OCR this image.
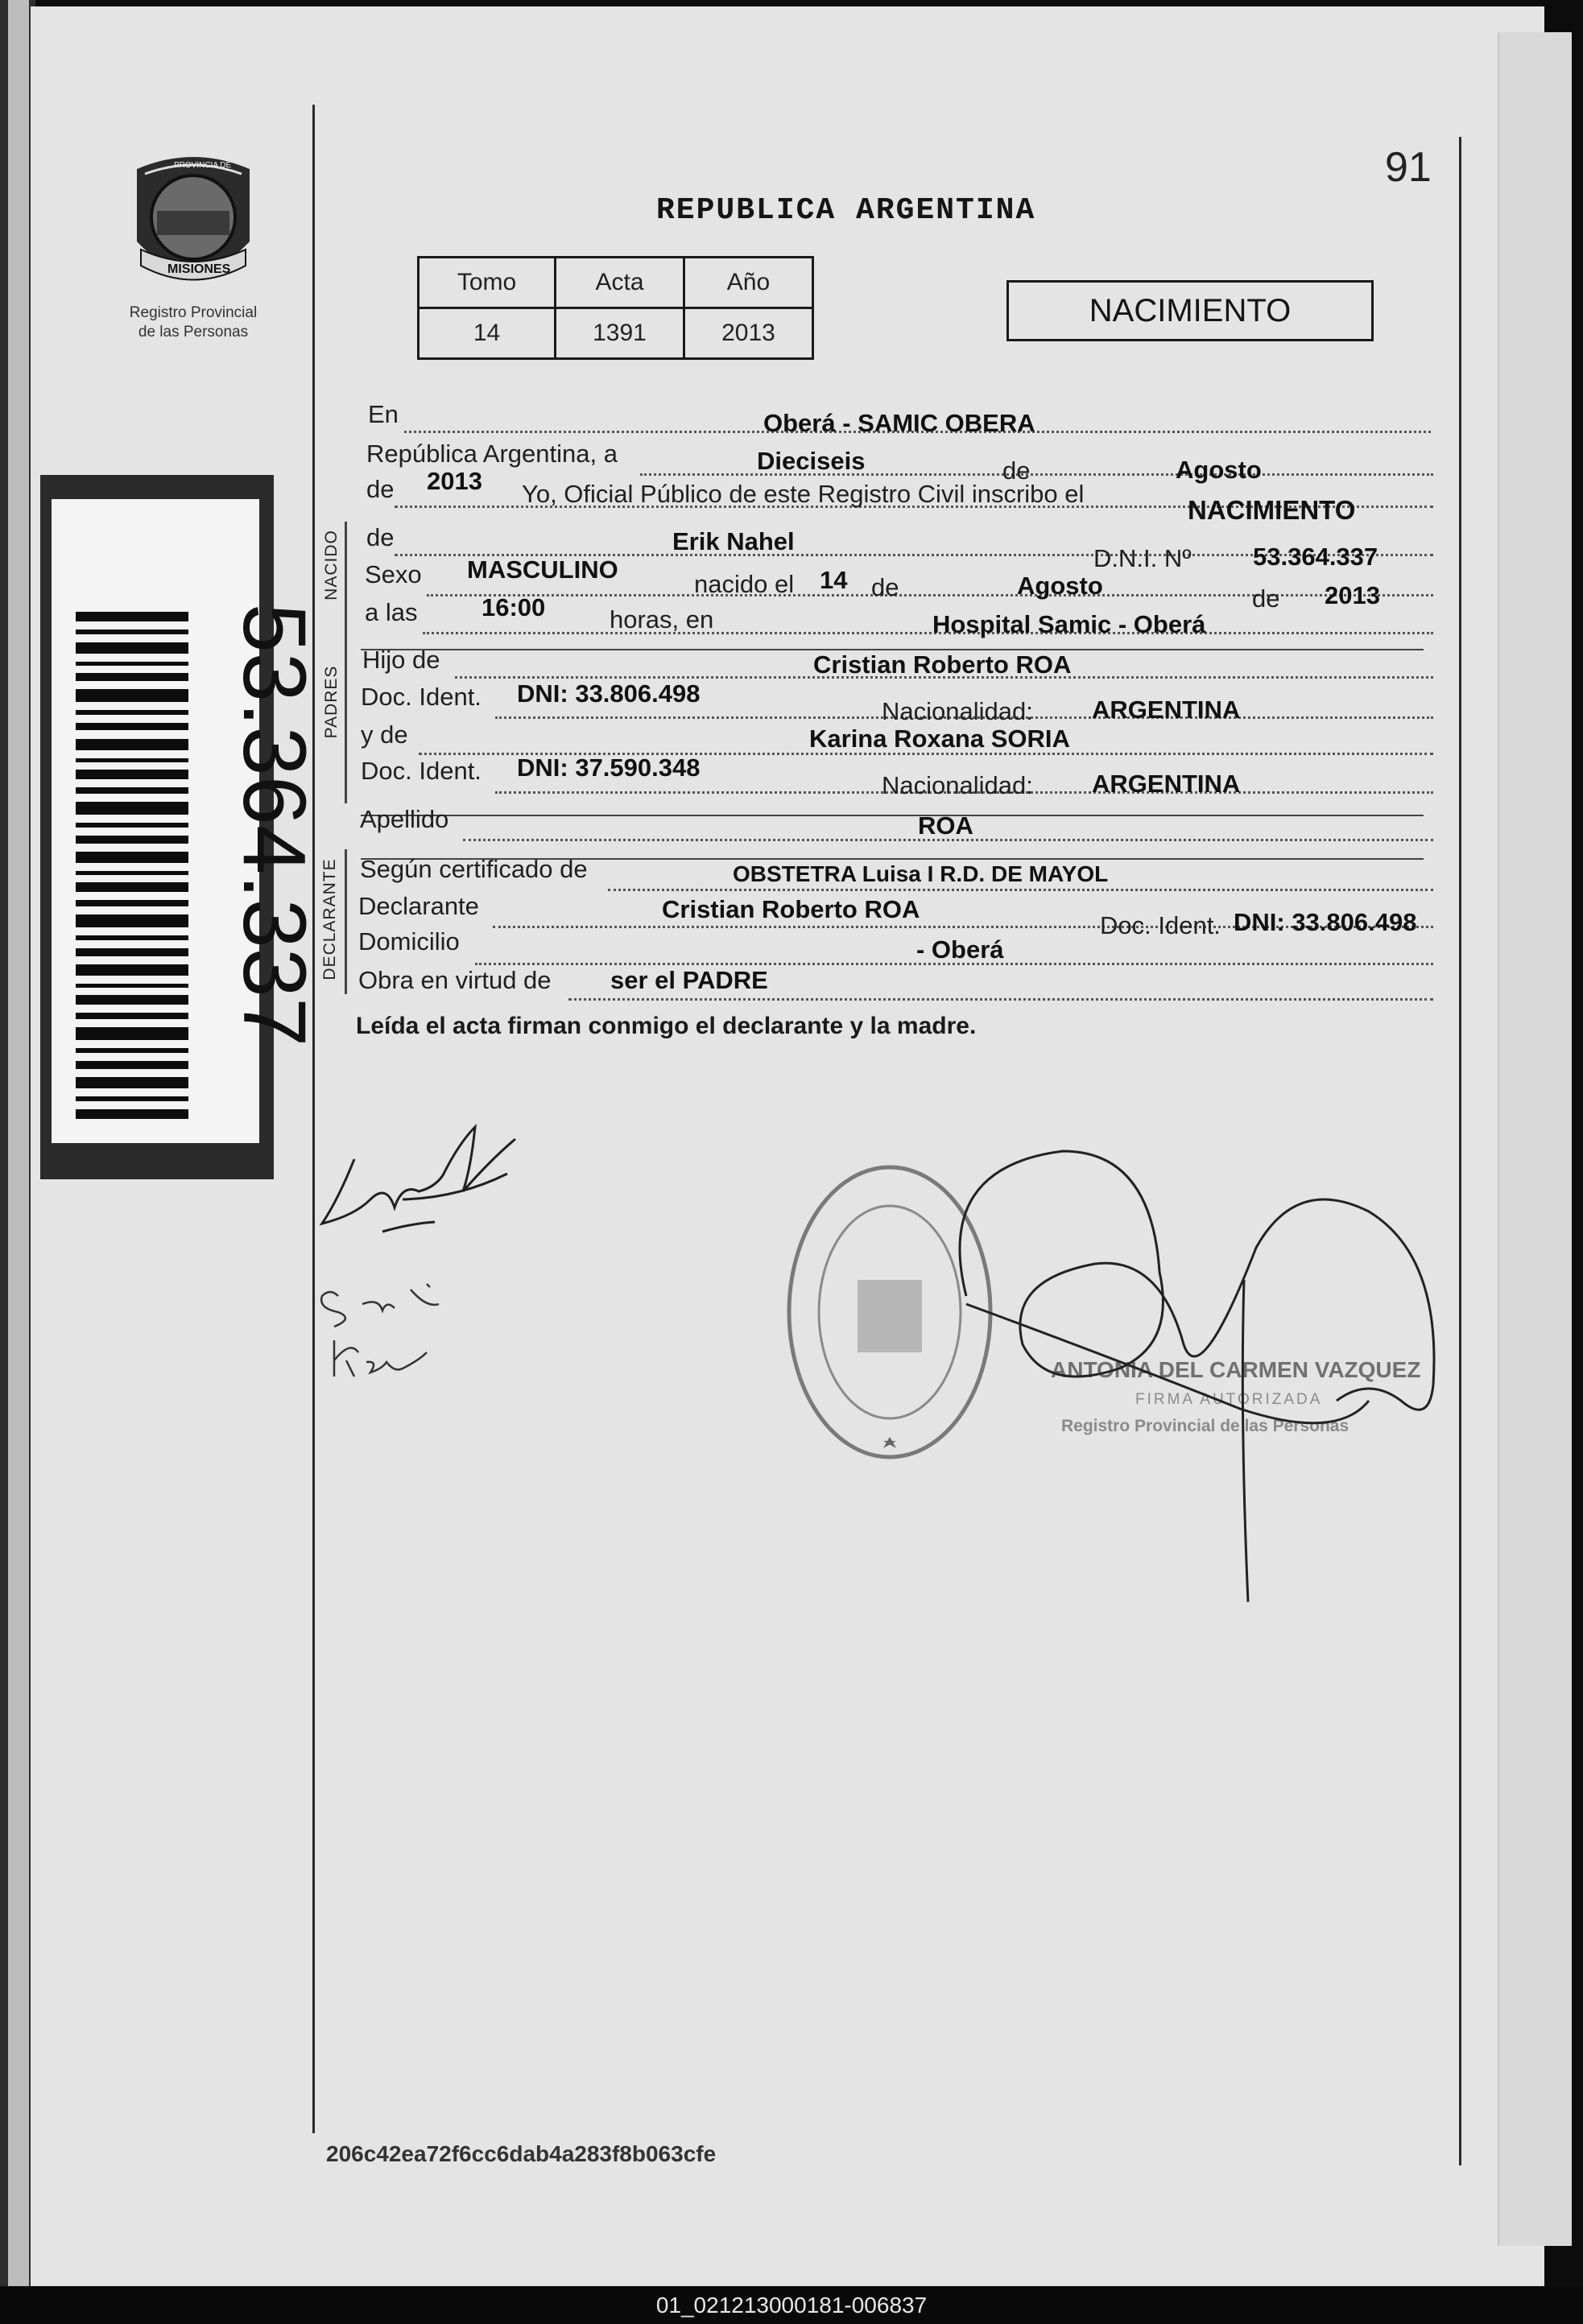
91
REPUBLICA ARGENTINA
NACIMIENTO
PROVINCIA DE
MISIONES
Registro Provincial
de las Personas
Tomo	Acta	Año
14	1391	2013
53.364.337
NACIDO
PADRES
DECLARANTE
En	Oberá - SAMIC OBERA
República Argentina, a	Dieciseis	de	Agosto
de 2013 Yo, Oficial Público de este Registro Civil inscribo el
NACIMIENTO
de	Erik Nahel
D.N.I. Nº 53.364.337
Sexo MASCULINO
nacido el 14 de	Agosto	de 2013
a las	16:00	horas, en	Hospital Samic - Oberá
Hijo de	Cristian Roberto ROA
Doc. Ident. DNI: 33.806.498
Nacionalidad: ARGENTINA
y de	Karina Roxana SORIA
Doc. Ident. DNI: 37.590.348
Nacionalidad: ARGENTINA
Apellido	ROA
Según certificado de	OBSTETRA Luisa I R.D. DE MAYOL
Declarante	Cristian Roberto ROA
Doc. Ident. DNI: 33.806.498
Domicilio	- Oberá
Obra en virtud de ser el PADRE
Leída el acta firman conmigo el declarante y la madre.
ANTONIA DEL CARMEN VAZQUEZ
FIRMA AUTORIZADA
Registro Provincial de las Personas
206c42ea72f6cc6dab4a283f8b063cfe
01_021213000181-006837
